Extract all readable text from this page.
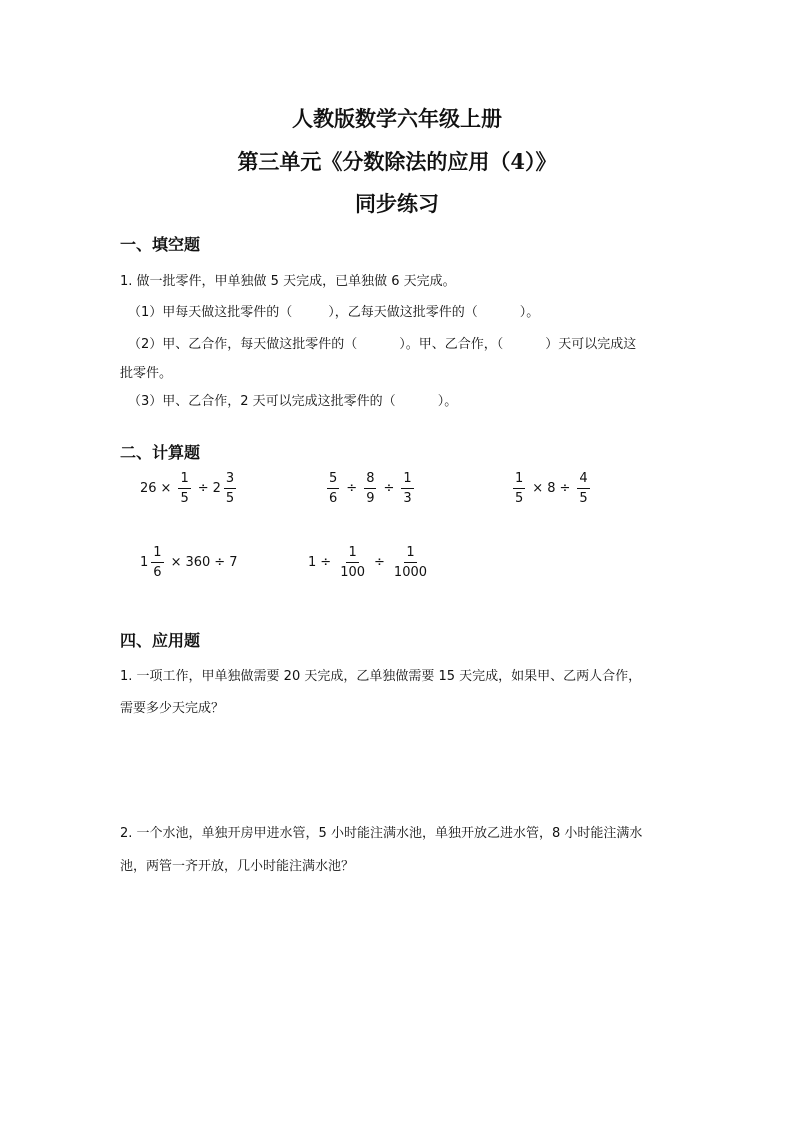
人教版数学六年级上册
第三单元《分数除法的应用（4）》
同步练习
一、填空题
1. 做一批零件，甲单独做 5 天完成，已单独做 6 天完成。
（1）甲每天做这批零件的（	），乙每天做这批零件的（	）。
（2）甲、乙合作，每天做这批零件的（	）。甲、乙合作，（	）天可以完成这
批零件。
（3）甲、乙合作，2 天可以完成这批零件的（	）。
二、计算题
$26 \times \frac{1}{5} \div 2 \frac{3}{5}$	$\frac{5}{6} \div \frac{8}{9} \div \frac{1}{3}$	$\frac{1}{5} \times 8 \div \frac{4}{5}$
$1 \frac{1}{6} \times 360 \div 7$	$1 \div \frac{1}{100} \div \frac{1}{1000}$
四、应用题
1. 一项工作，甲单独做需要 20 天完成，乙单独做需要 15 天完成，如果甲、乙两人合作，
需要多少天完成？
2. 一个水池，单独开房甲进水管，5 小时能注满水池，单独开放乙进水管，8 小时能注满水
池，两管一齐开放，几小时能注满水池？
